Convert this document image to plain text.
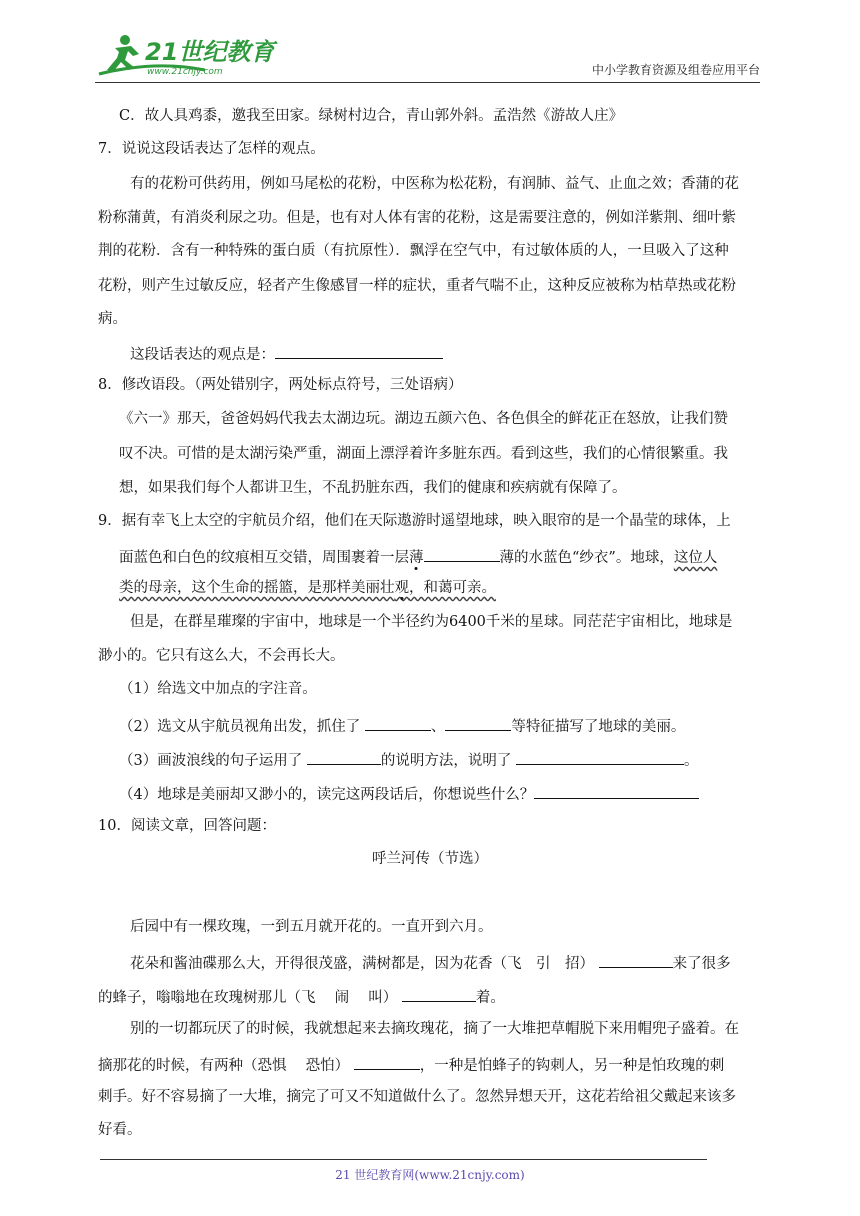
21世纪教育
www.21cnjy.com	中小学教育资源及组卷应用平台
C．故人具鸡黍，邀我至田家。绿树村边合，青山郭外斜。孟浩然《游故人庄》
7．说说这段话表达了怎样的观点。
有的花粉可供药用，例如马尾松的花粉，中医称为松花粉，有润肺、益气、止血之效；香蒲的花
粉称蒲黄，有消炎利尿之功。但是，也有对人体有害的花粉，这是需要注意的，例如洋紫荆、细叶紫
荆的花粉．含有一种特殊的蛋白质（有抗原性）．飘浮在空气中，有过敏体质的人，一旦吸入了这种
花粉，则产生过敏反应，轻者产生像感冒一样的症状，重者气喘不止，这种反应被称为枯草热或花粉
病。
这段话表达的观点是：
8．修改语段。（两处错别字，两处标点符号，三处语病）
《六一》那天，爸爸妈妈代我去太湖边玩。湖边五颜六色、各色俱全的鲜花正在怒放，让我们赞
叹不决。可惜的是太湖污染严重，湖面上漂浮着许多脏东西。看到这些，我们的心情很繁重。我
想，如果我们每个人都讲卫生，不乱扔脏东西，我们的健康和疾病就有保障了。
9．据有幸飞上太空的宇航员介绍，他们在天际遨游时遥望地球，映入眼帘的是一个晶莹的球体，上
面蓝色和白色的纹痕相互交错，周围裹着一层薄	薄的水蓝色“纱衣”。地球，这位人
类的母亲，这个生命的摇篮，是那样美丽壮观，和蔼可亲。
但是，在群星璀璨的宇宙中，地球是一个半径约为6400千米的星球。同茫茫宇宙相比，地球是
渺小的。它只有这么大，不会再长大。
（1）给选文中加点的字注音。
（2）选文从宇航员视角出发，抓住了	、	等特征描写了地球的美丽。
（3）画波浪线的句子运用了	的说明方法，说明了	。
（4）地球是美丽却又渺小的，读完这两段话后，你想说些什么？
10．阅读文章，回答问题：
呼兰河传（节选）
后园中有一棵玫瑰，一到五月就开花的。一直开到六月。
花朵和酱油碟那么大，开得很茂盛，满树都是，因为花香（飞　引　招）	来了很多
的蜂子，嗡嗡地在玫瑰树那儿（飞　 闹　 叫）	着。
别的一切都玩厌了的时候，我就想起来去摘玫瑰花，摘了一大堆把草帽脱下来用帽兜子盛着。在
摘那花的时候，有两种（恐惧　 恐怕）	，一种是怕蜂子的钩刺人，另一种是怕玫瑰的刺
刺手。好不容易摘了一大堆，摘完了可又不知道做什么了。忽然异想天开，这花若给祖父戴起来该多
好看。
21 世纪教育网(www.21cnjy.com)
